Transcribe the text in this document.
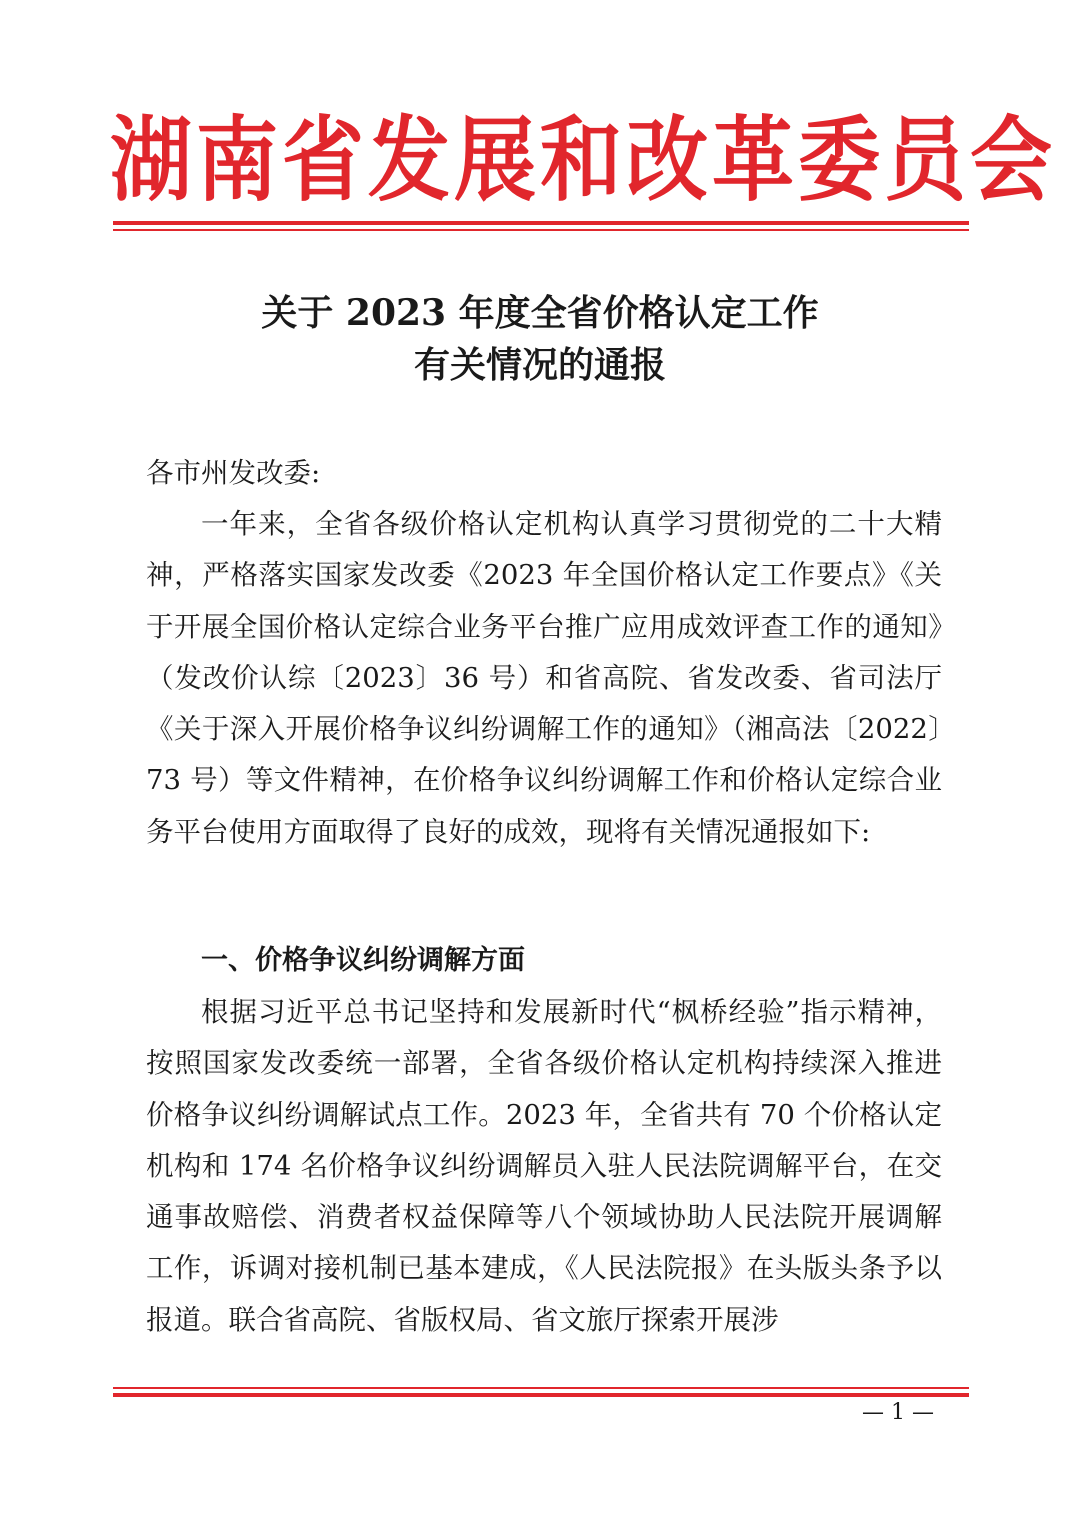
湖南省发展和改革委员会
关于 2023 年度全省价格认定工作
有关情况的通报
各市州发改委:
一年来，全省各级价格认定机构认真学习贯彻党的二十大精神，严格落实国家发改委《2023 年全国价格认定工作要点》《关于开展全国价格认定综合业务平台推广应用成效评查工作的通知》（发改价认综〔2023〕36 号）和省高院、省发改委、省司法厅《关于深入开展价格争议纠纷调解工作的通知》（湘高法〔2022〕73 号）等文件精神，在价格争议纠纷调解工作和价格认定综合业务平台使用方面取得了良好的成效，现将有关情况通报如下:
一、价格争议纠纷调解方面
根据习近平总书记坚持和发展新时代“枫桥经验”指示精神，按照国家发改委统一部署，全省各级价格认定机构持续深入推进价格争议纠纷调解试点工作。2023 年，全省共有 70 个价格认定机构和 174 名价格争议纠纷调解员入驻人民法院调解平台，在交通事故赔偿、消费者权益保障等八个领域协助人民法院开展调解工作，诉调对接机制已基本建成，《人民法院报》在头版头条予以报道。联合省高院、省版权局、省文旅厅探索开展涉
— 1 —
